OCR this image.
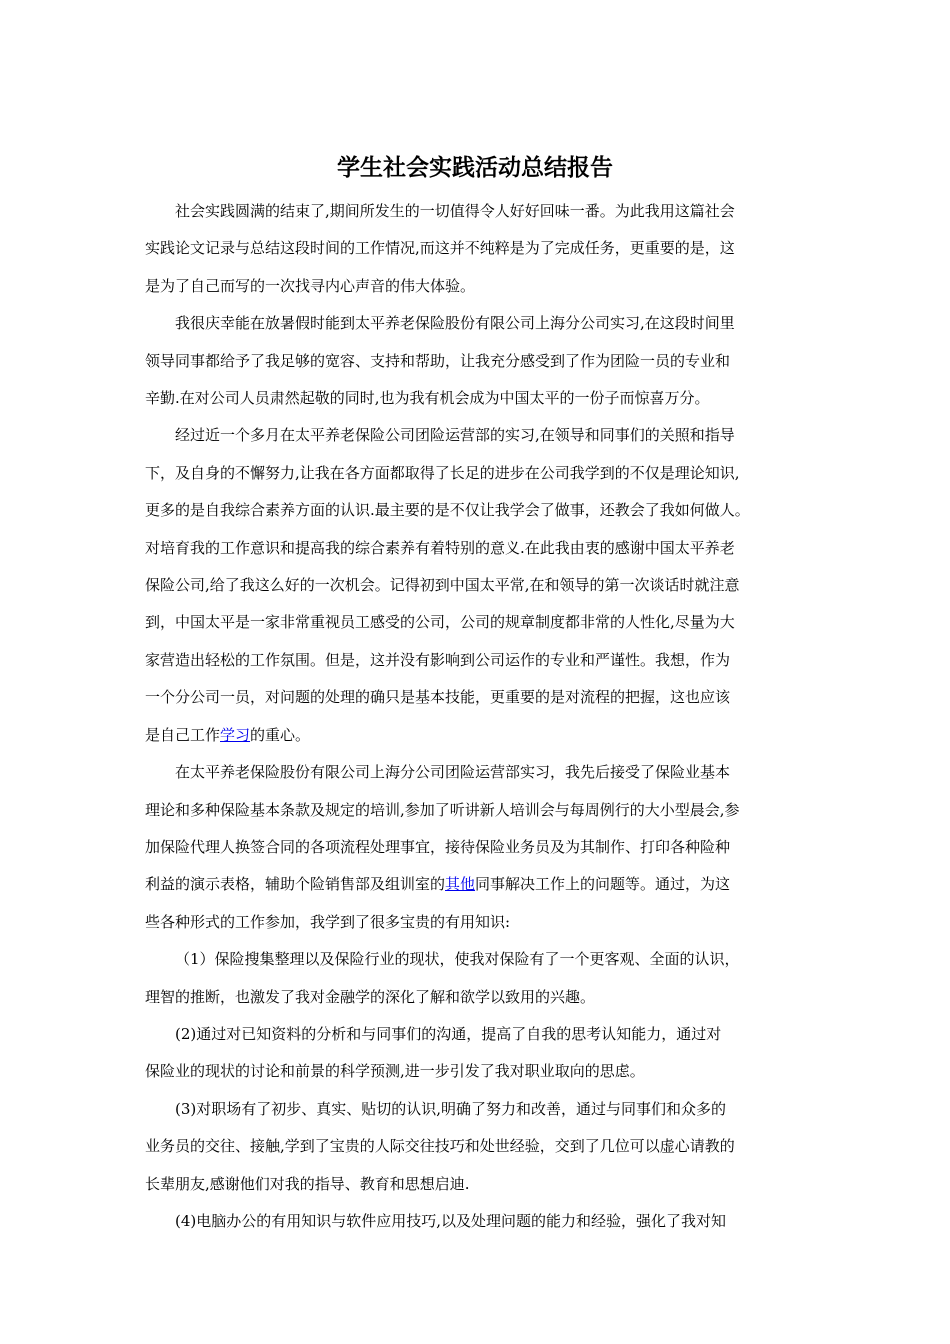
学生社会实践活动总结报告

社会实践圆满的结束了,期间所发生的一切值得令人好好回味一番。为此我用这篇社会
实践论文记录与总结这段时间的工作情况,而这并不纯粹是为了完成任务，更重要的是，这
是为了自己而写的一次找寻内心声音的伟大体验。

我很庆幸能在放暑假时能到太平养老保险股份有限公司上海分公司实习,在这段时间里
领导同事都给予了我足够的宽容、支持和帮助，让我充分感受到了作为团险一员的专业和
辛勤.在对公司人员肃然起敬的同时,也为我有机会成为中国太平的一份子而惊喜万分。

经过近一个多月在太平养老保险公司团险运营部的实习,在领导和同事们的关照和指导
下，及自身的不懈努力,让我在各方面都取得了长足的进步在公司我学到的不仅是理论知识,
更多的是自我综合素养方面的认识.最主要的是不仅让我学会了做事，还教会了我如何做人。
对培育我的工作意识和提高我的综合素养有着特别的意义.在此我由衷的感谢中国太平养老
保险公司,给了我这么好的一次机会。记得初到中国太平常,在和领导的第一次谈话时就注意
到，中国太平是一家非常重视员工感受的公司，公司的规章制度都非常的人性化,尽量为大
家营造出轻松的工作氛围。但是，这并没有影响到公司运作的专业和严谨性。我想，作为
一个分公司一员，对问题的处理的确只是基本技能，更重要的是对流程的把握，这也应该
是自己工作学习的重心。

在太平养老保险股份有限公司上海分公司团险运营部实习，我先后接受了保险业基本
理论和多种保险基本条款及规定的培训,参加了听讲新人培训会与每周例行的大小型晨会,参
加保险代理人换签合同的各项流程处理事宜，接待保险业务员及为其制作、打印各种险种
利益的演示表格，辅助个险销售部及组训室的其他同事解决工作上的问题等。通过，为这
些各种形式的工作参加，我学到了很多宝贵的有用知识:

（1）保险搜集整理以及保险行业的现状，使我对保险有了一个更客观、全面的认识，
理智的推断，也激发了我对金融学的深化了解和欲学以致用的兴趣。

(2)通过对已知资料的分析和与同事们的沟通，提高了自我的思考认知能力，通过对
保险业的现状的讨论和前景的科学预测,进一步引发了我对职业取向的思虑。

(3)对职场有了初步、真实、贴切的认识,明确了努力和改善，通过与同事们和众多的
业务员的交往、接触,学到了宝贵的人际交往技巧和处世经验，交到了几位可以虚心请教的
长辈朋友,感谢他们对我的指导、教育和思想启迪.

(4)电脑办公的有用知识与软件应用技巧,以及处理问题的能力和经验，强化了我对知
